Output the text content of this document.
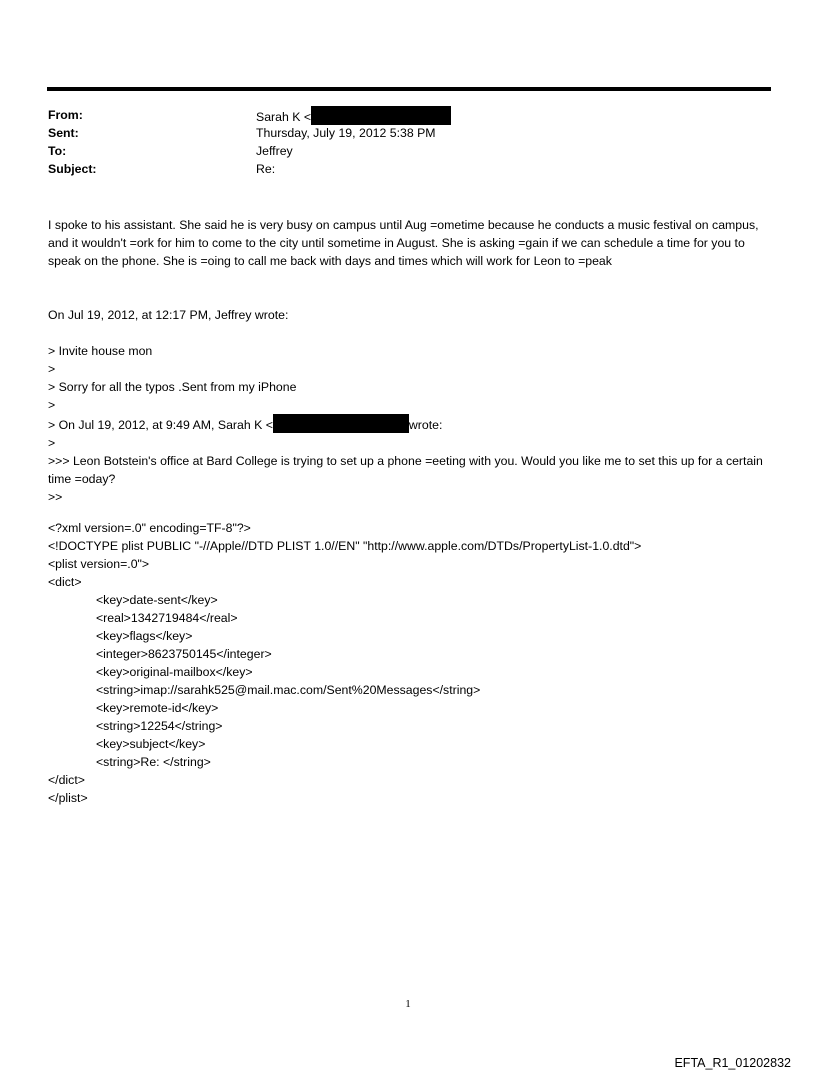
From:	Sarah K <
Sent:	Thursday, July 19, 2012 5:38 PM
To:	Jeffrey
Subject:	Re:

I spoke to his assistant. She said he is very busy on campus until Aug =ometime because he conducts a music festival on campus, and it wouldn't =ork for him to come to the city until sometime in August. She is asking =gain if we can schedule a time for you to speak on the phone. She is =oing to call me back with days and times which will work for Leon to =peak

On Jul 19, 2012, at 12:17 PM, Jeffrey wrote:
> Invite house mon
>
> Sorry for all the typos .Sent from my iPhone
>
> On Jul 19, 2012, at 9:49 AM, Sarah K <	wrote:
>
>>> Leon Botstein's office at Bard College is trying to set up a phone =eeting with you. Would you like me to set this up for a certain time =oday?
>>
<?xml version=.0" encoding=TF-8"?>
<!DOCTYPE plist PUBLIC "-//Apple//DTD PLIST 1.0//EN" "http://www.apple.com/DTDs/PropertyList-1.0.dtd">
<plist version=.0">
<dict>
<key>date-sent</key>
<real>1342719484</real>
<key>flags</key>
<integer>8623750145</integer>
<key>original-mailbox</key>
<string>imap://sarahk525@mail.mac.com/Sent%20Messages</string>
<key>remote-id</key>
<string>12254</string>
<key>subject</key>
<string>Re: </string>
</dict>
</plist>
1
EFTA_R1_01202832
